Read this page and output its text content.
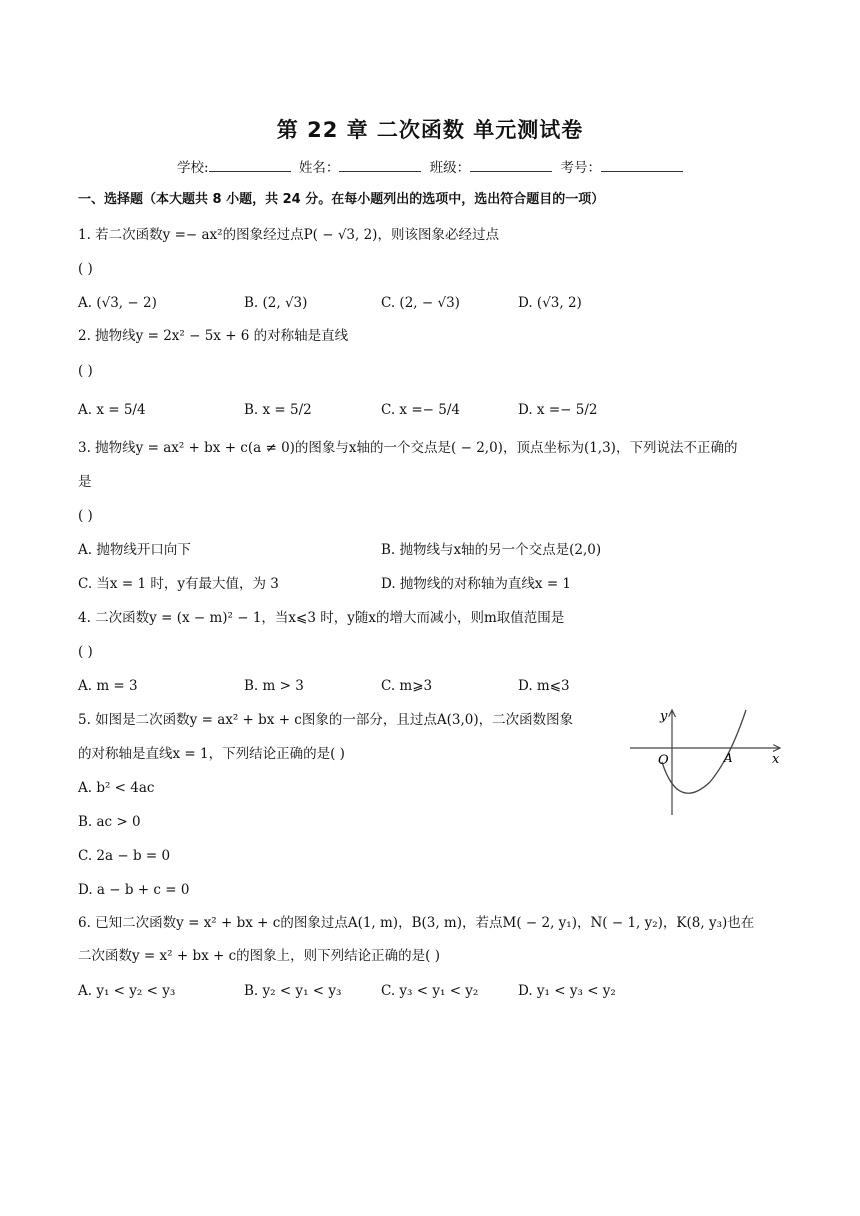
第 22 章 二次函数 单元测试卷
学校:	姓名：	班级：	考号：
一、选择题（本大题共 8 小题，共 24 分。在每小题列出的选项中，选出符合题目的一项）
1. 若二次函数y =− ax²的图象经过点P( − √3, 2)，则该图象必经过点
( )
A. (√3, − 2)	B. (2, √3)	C. (2, − √3)	D. (√3, 2)
2. 抛物线y = 2x² − 5x + 6 的对称轴是直线
( )
A. x = 5/4	B. x = 5/2	C. x =− 5/4	D. x =− 5/2
3. 抛物线y = ax² + bx + c(a ≠ 0)的图象与x轴的一个交点是( − 2,0)，顶点坐标为(1,3)，下列说法不正确的
是
( )
A. 抛物线开口向下	B. 抛物线与x轴的另一个交点是(2,0)
C. 当x = 1 时，y有最大值，为 3	D. 抛物线的对称轴为直线x = 1
4. 二次函数y = (x − m)² − 1，当x⩽3 时，y随x的增大而减小，则m取值范围是
( )
A. m = 3	B. m > 3	C. m⩾3	D. m⩽3
5. 如图是二次函数y = ax² + bx + c图象的一部分，且过点A(3,0)，二次函数图象
的对称轴是直线x = 1，下列结论正确的是( )
A. b² < 4ac
B. ac > 0
C. 2a − b = 0
D. a − b + c = 0
y
x
O	A
6. 已知二次函数y = x² + bx + c的图象过点A(1, m)，B(3, m)，若点M( − 2, y₁)，N( − 1, y₂)，K(8, y₃)也在
二次函数y = x² + bx + c的图象上，则下列结论正确的是( )
A. y₁ < y₂ < y₃	B. y₂ < y₁ < y₃	C. y₃ < y₁ < y₂	D. y₁ < y₃ < y₂
